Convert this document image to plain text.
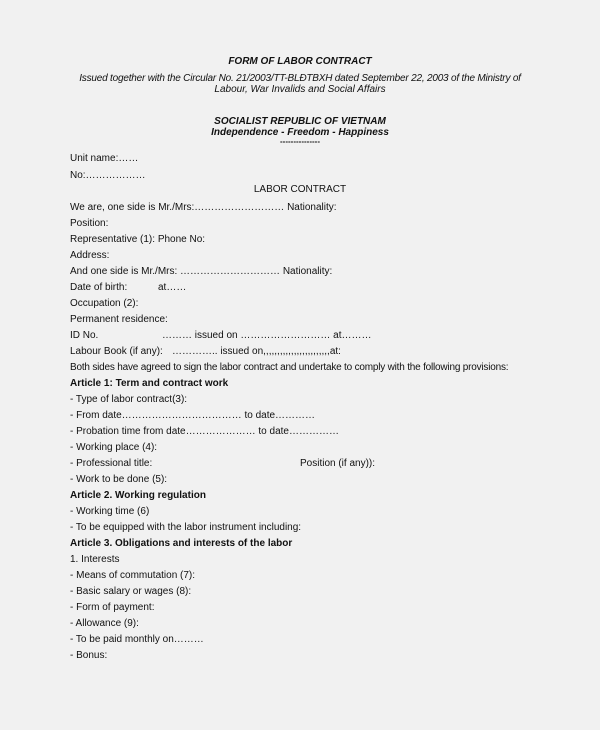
FORM OF LABOR CONTRACT
Issued together with the Circular No. 21/2003/TT-BLĐTBXH dated September 22, 2003 of the Ministry of
Labour, War Invalids and Social Affairs
SOCIALIST REPUBLIC OF VIETNAM
Independence - Freedom - Happiness
---------------
Unit name:……
No:………………
LABOR CONTRACT
We are, one side is Mr./Mrs:……………………… Nationality:
Position:
Representative (1): Phone No:
Address:
And one side is Mr./Mrs: ………………………… Nationality:
Date of birth:	at……
Occupation (2):
Permanent residence:
ID No.	……… issued on ……………………… at………
Labour Book (if any): ………….. issued on,,,,,,,,,,,,,,,,,,,,,,,,at:
Both sides have agreed to sign the labor contract and undertake to comply with the following provisions:
Article 1: Term and contract work
- Type of labor contract(3):
- From date……………………………… to date…………
- Probation time from date………………… to date……………
- Working place (4):
- Professional title:	Position (if any)):
- Work to be done (5):
Article 2. Working regulation
- Working time (6)
- To be equipped with the labor instrument including:
Article 3. Obligations and interests of the labor
1. Interests
- Means of commutation (7):
- Basic salary or wages (8):
- Form of payment:
- Allowance (9):
- To be paid monthly on………
- Bonus:
